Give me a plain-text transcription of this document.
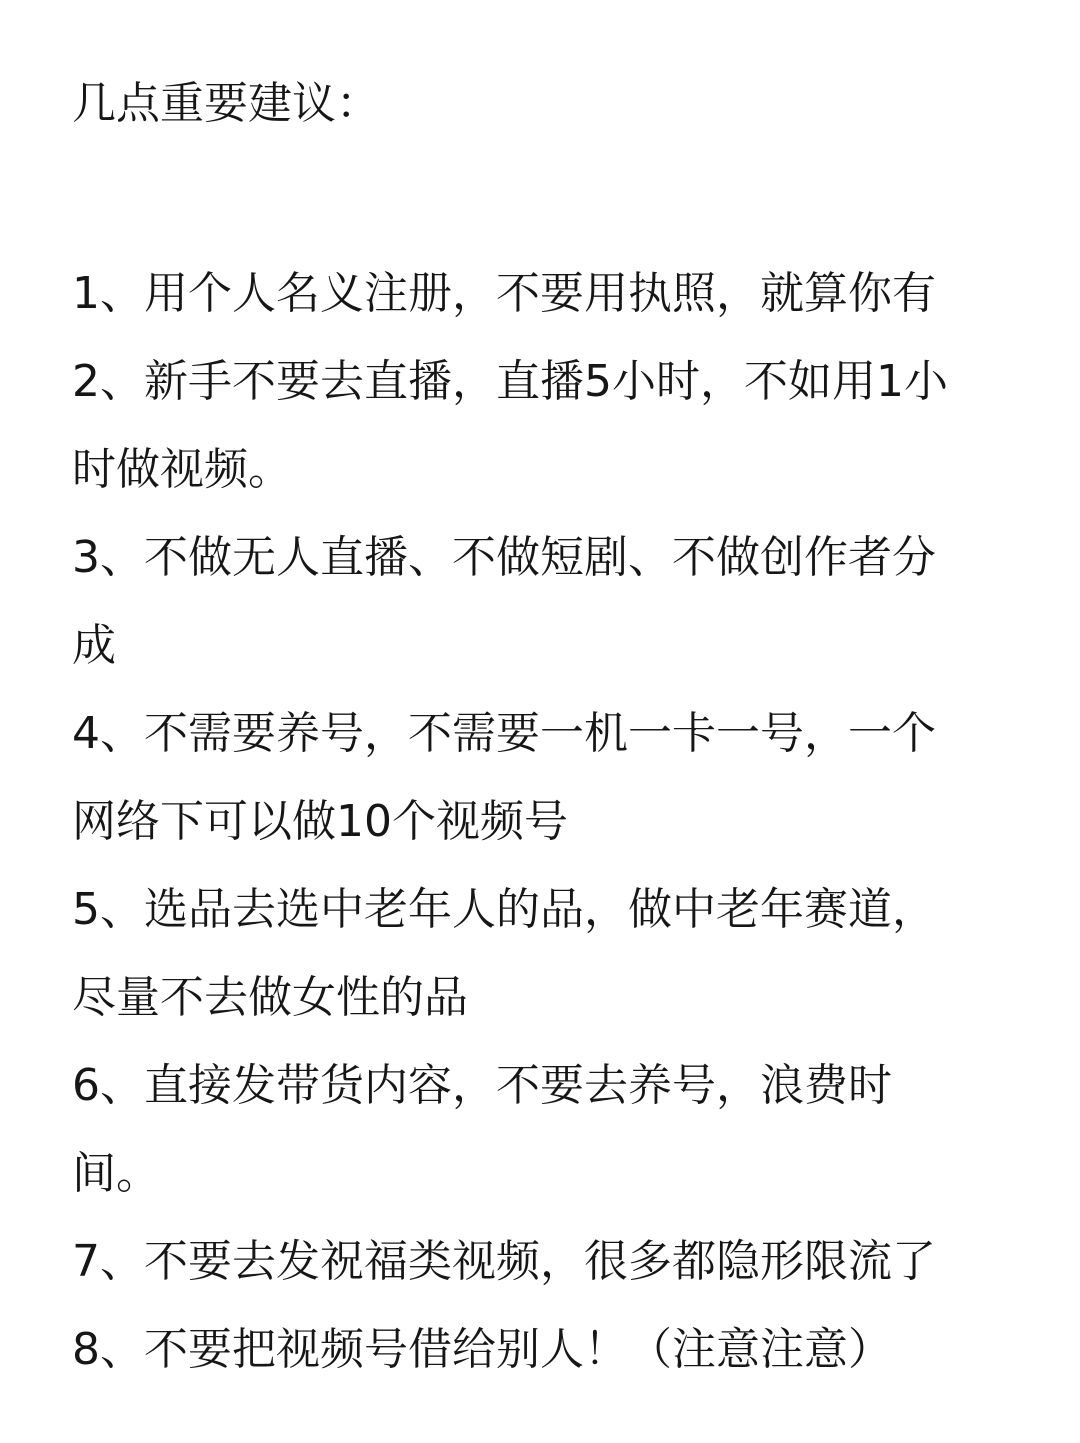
几点重要建议：
1、用个人名义注册，不要用执照，就算你有
2、新手不要去直播，直播5小时，不如用1小
时做视频。
3、不做无人直播、不做短剧、不做创作者分
成
4、不需要养号，不需要一机一卡一号，一个
网络下可以做10个视频号
5、选品去选中老年人的品，做中老年赛道，
尽量不去做女性的品
6、直接发带货内容，不要去养号，浪费时
间。
7、不要去发祝福类视频，很多都隐形限流了
8、不要把视频号借给别人！（注意注意）
